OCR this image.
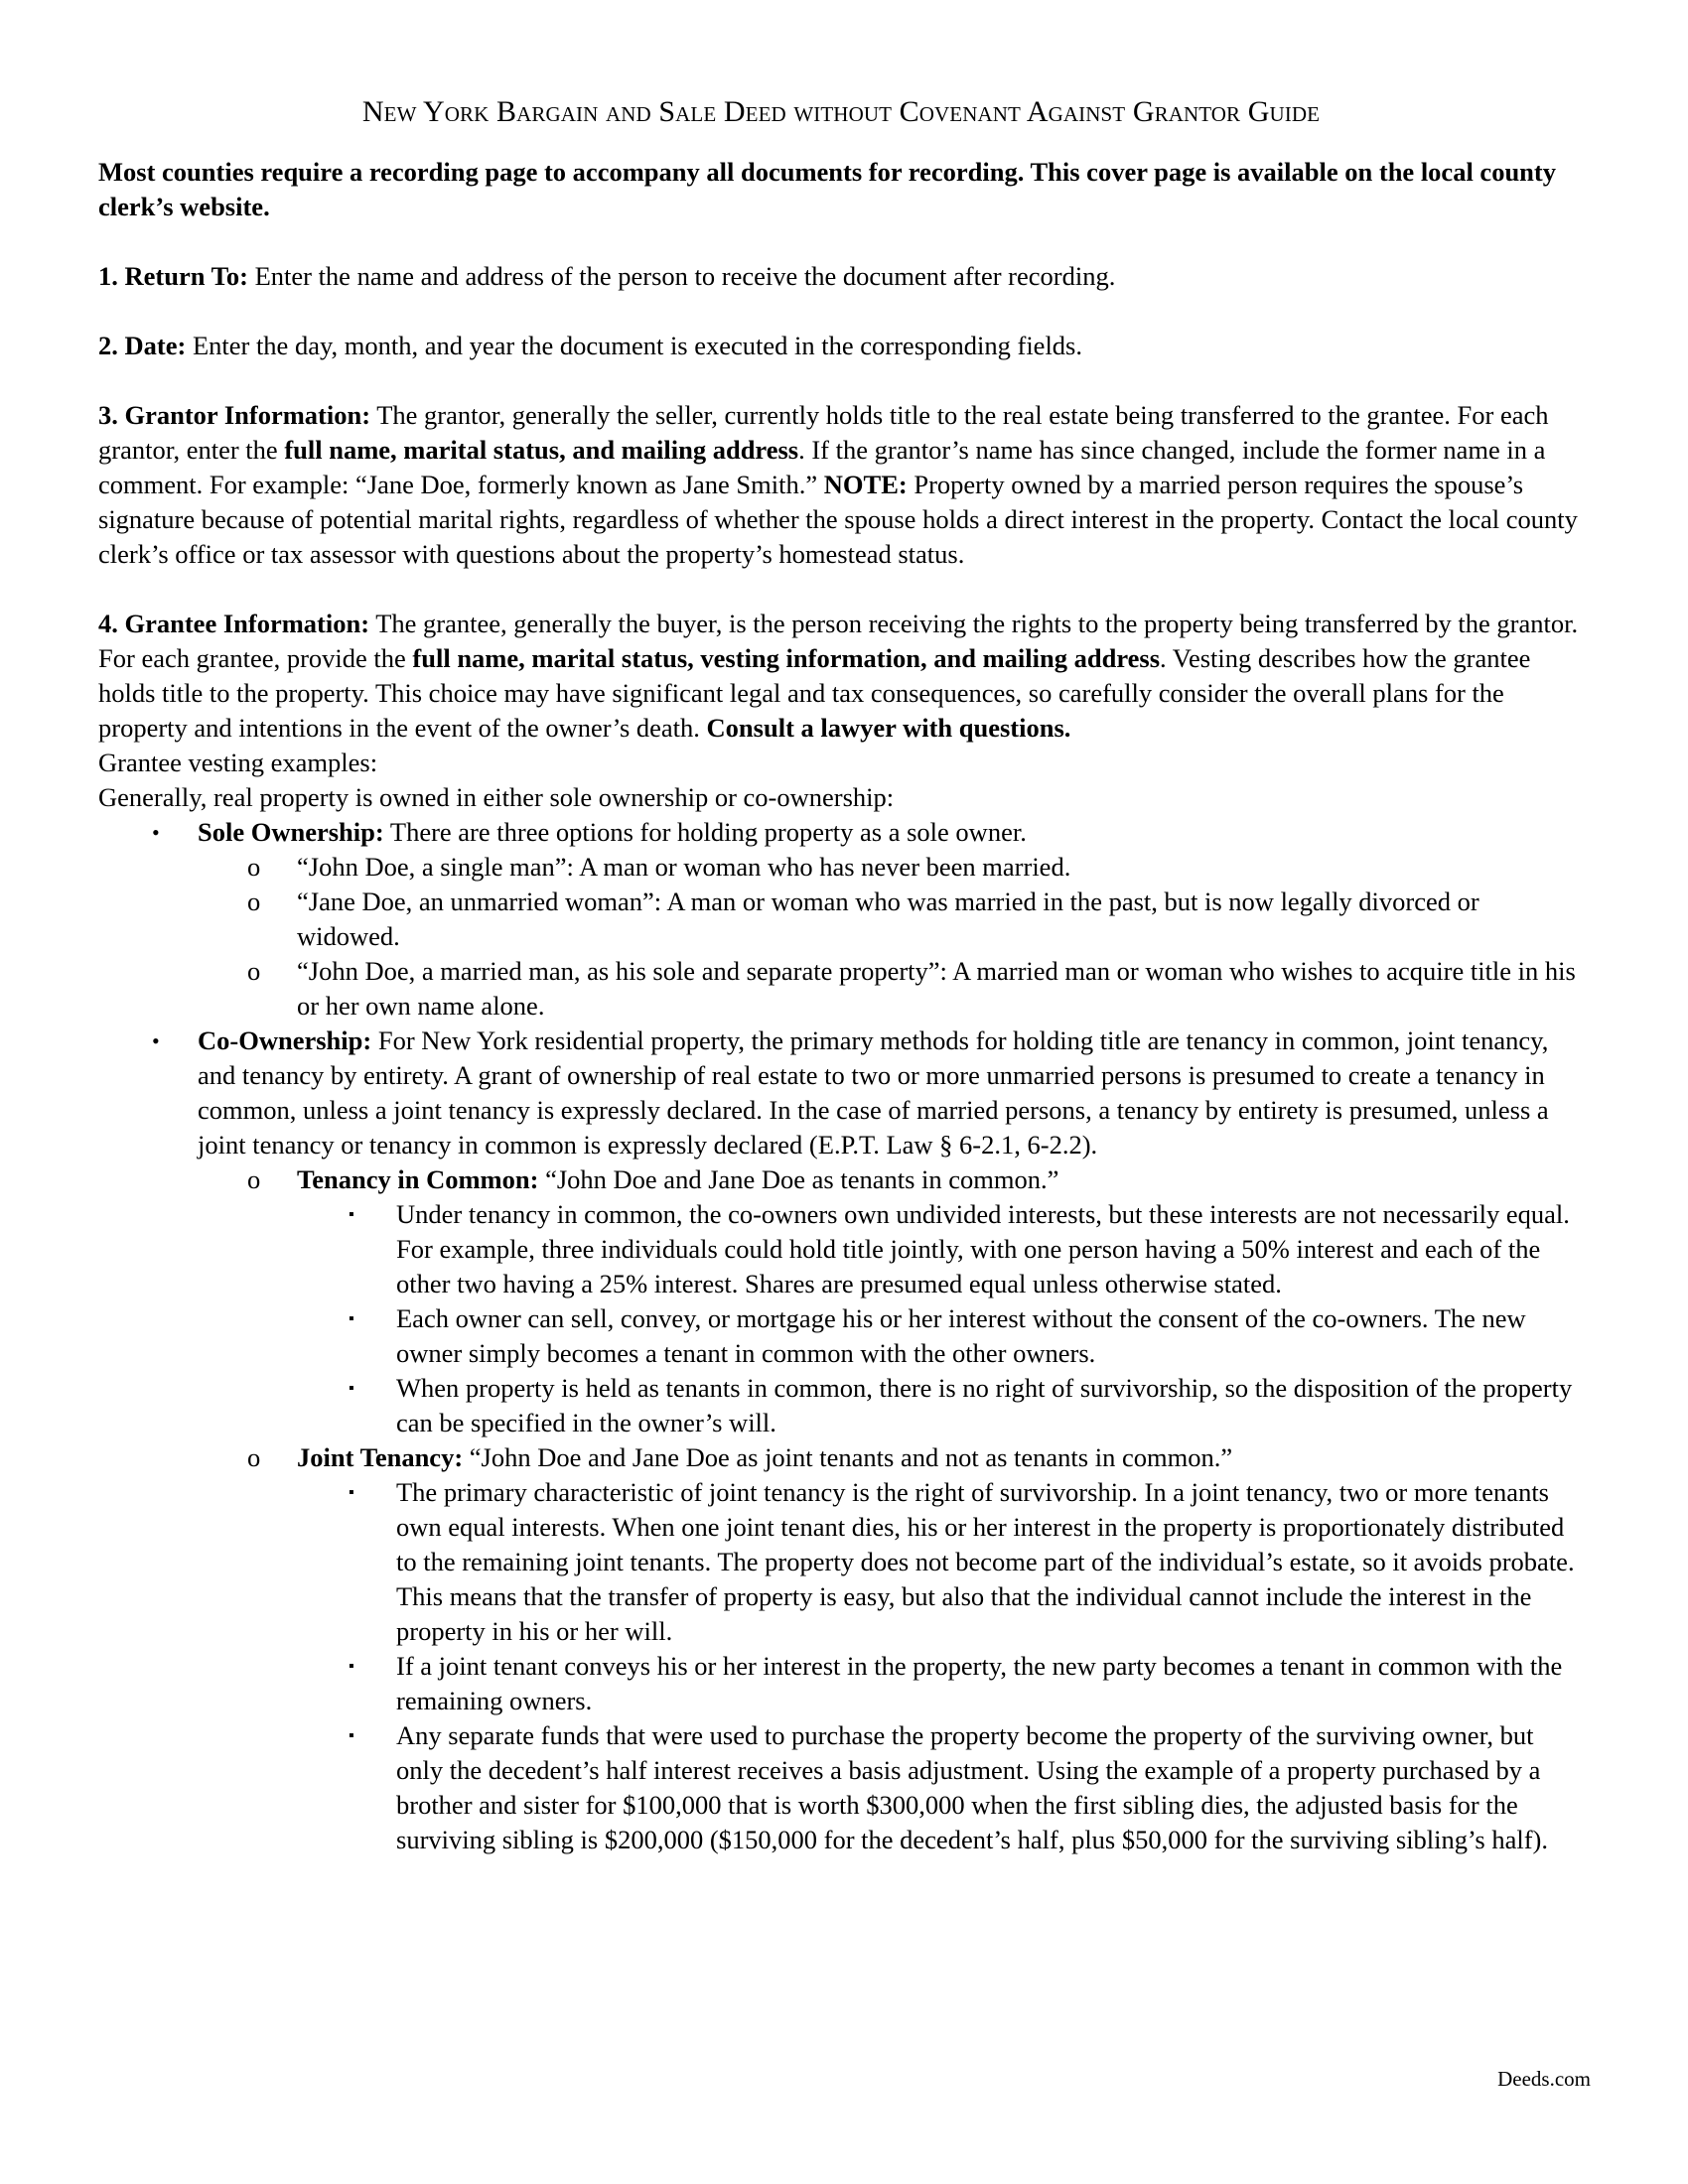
New York Bargain and Sale Deed without Covenant Against Grantor Guide

Most counties require a recording page to accompany all documents for recording. This cover page is available on the local county clerk’s website.

1. Return To: Enter the name and address of the person to receive the document after recording.

2. Date: Enter the day, month, and year the document is executed in the corresponding fields.

3. Grantor Information: The grantor, generally the seller, currently holds title to the real estate being transferred to the grantee. For each grantor, enter the full name, marital status, and mailing address. If the grantor’s name has since changed, include the former name in a comment. For example: “Jane Doe, formerly known as Jane Smith.” NOTE: Property owned by a married person requires the spouse’s signature because of potential marital rights, regardless of whether the spouse holds a direct interest in the property. Contact the local county clerk’s office or tax assessor with questions about the property’s homestead status.

4. Grantee Information: The grantee, generally the buyer, is the person receiving the rights to the property being transferred by the grantor. For each grantee, provide the full name, marital status, vesting information, and mailing address. Vesting describes how the grantee holds title to the property. This choice may have significant legal and tax consequences, so carefully consider the overall plans for the property and intentions in the event of the owner’s death. Consult a lawyer with questions.

Grantee vesting examples:

Generally, real property is owned in either sole ownership or co-ownership:

• Sole Ownership: There are three options for holding property as a sole owner.
o “John Doe, a single man”: A man or woman who has never been married.
o “Jane Doe, an unmarried woman”: A man or woman who was married in the past, but is now legally divorced or widowed.
o “John Doe, a married man, as his sole and separate property”: A married man or woman who wishes to acquire title in his or her own name alone.
• Co-Ownership: For New York residential property, the primary methods for holding title are tenancy in common, joint tenancy, and tenancy by entirety. A grant of ownership of real estate to two or more unmarried persons is presumed to create a tenancy in common, unless a joint tenancy is expressly declared. In the case of married persons, a tenancy by entirety is presumed, unless a joint tenancy or tenancy in common is expressly declared (E.P.T. Law § 6-2.1, 6-2.2).
o Tenancy in Common: “John Doe and Jane Doe as tenants in common.”
▪ Under tenancy in common, the co-owners own undivided interests, but these interests are not necessarily equal. For example, three individuals could hold title jointly, with one person having a 50% interest and each of the other two having a 25% interest. Shares are presumed equal unless otherwise stated.
▪ Each owner can sell, convey, or mortgage his or her interest without the consent of the co-owners. The new owner simply becomes a tenant in common with the other owners.
▪ When property is held as tenants in common, there is no right of survivorship, so the disposition of the property can be specified in the owner’s will.
o Joint Tenancy: “John Doe and Jane Doe as joint tenants and not as tenants in common.”
▪ The primary characteristic of joint tenancy is the right of survivorship. In a joint tenancy, two or more tenants own equal interests. When one joint tenant dies, his or her interest in the property is proportionately distributed to the remaining joint tenants. The property does not become part of the individual’s estate, so it avoids probate. This means that the transfer of property is easy, but also that the individual cannot include the interest in the property in his or her will.
▪ If a joint tenant conveys his or her interest in the property, the new party becomes a tenant in common with the remaining owners.
▪ Any separate funds that were used to purchase the property become the property of the surviving owner, but only the decedent’s half interest receives a basis adjustment. Using the example of a property purchased by a brother and sister for $100,000 that is worth $300,000 when the first sibling dies, the adjusted basis for the surviving sibling is $200,000 ($150,000 for the decedent’s half, plus $50,000 for the surviving sibling’s half).
Deeds.com
